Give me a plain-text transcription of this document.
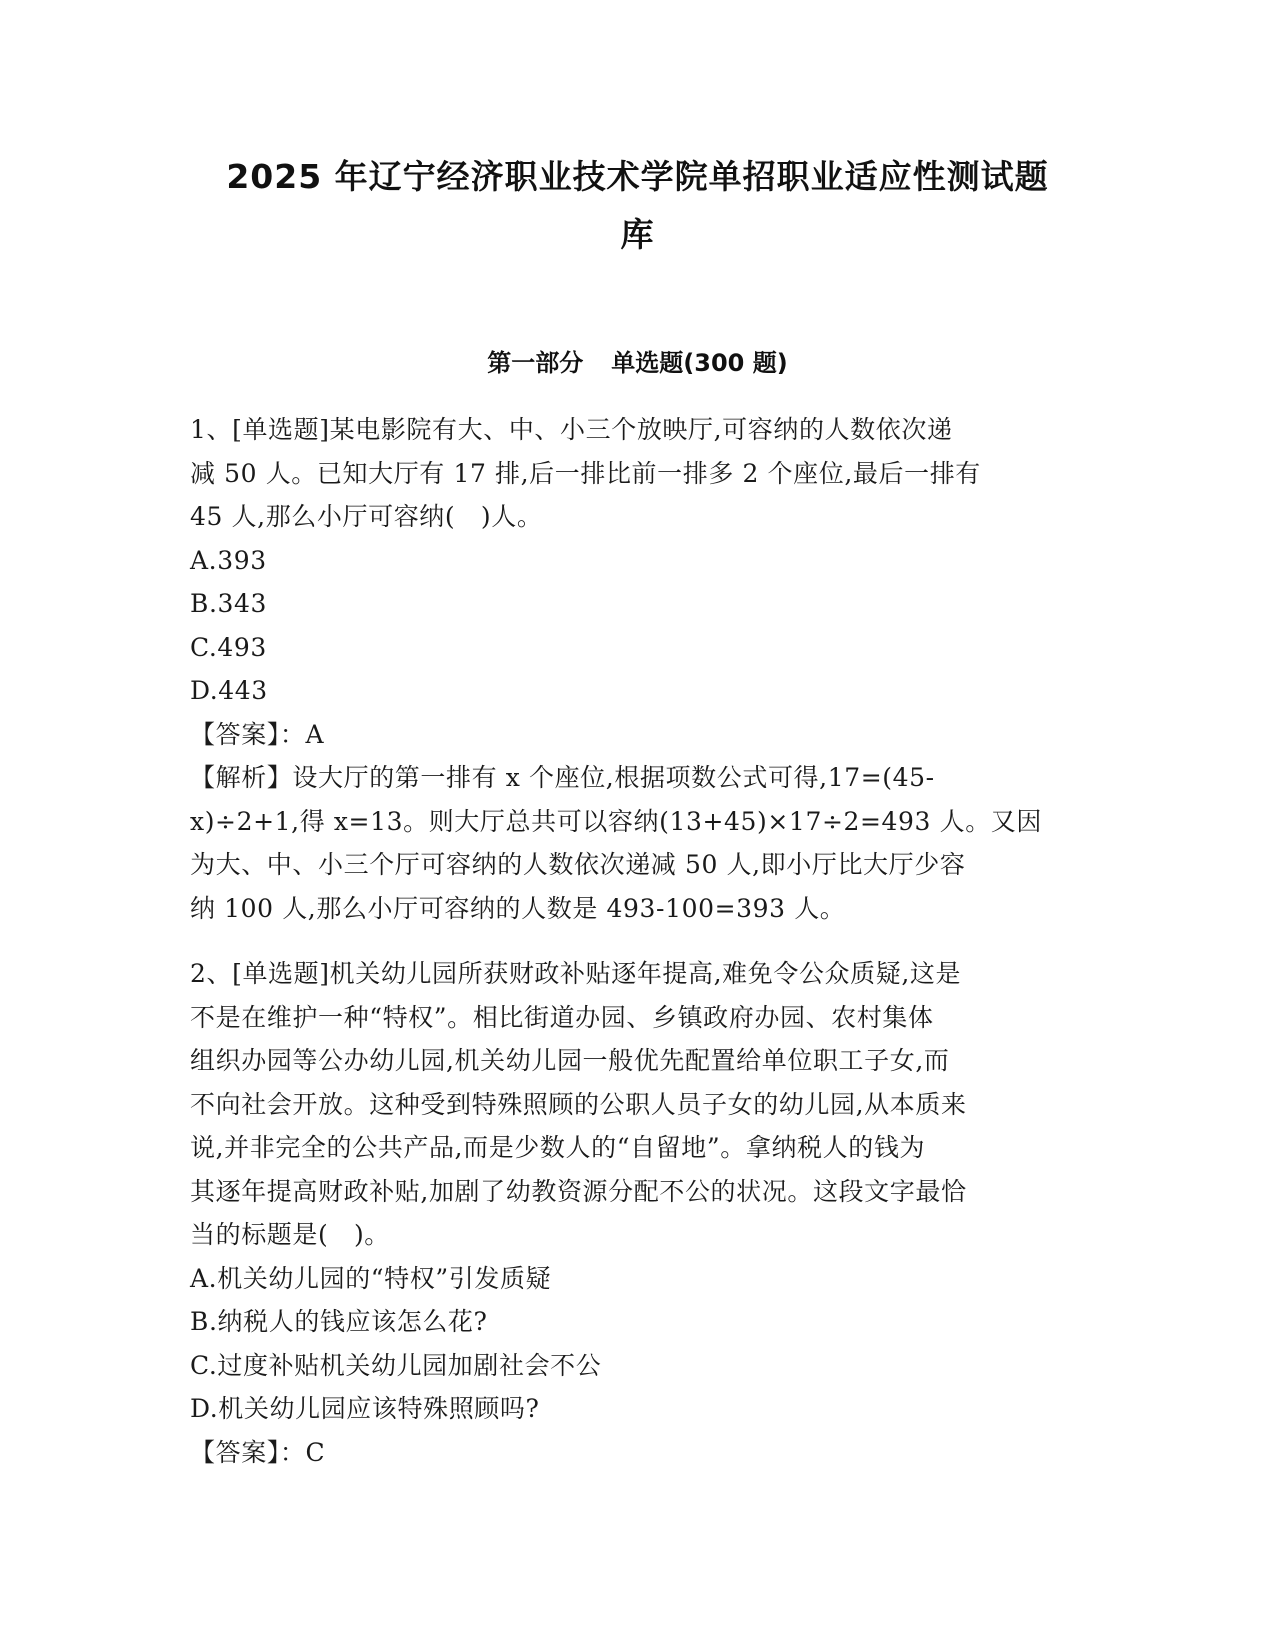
2025 年辽宁经济职业技术学院单招职业适应性测试题
库
第一部分 单选题(300 题)
1、[单选题]某电影院有大、中、小三个放映厅,可容纳的人数依次递
减 50 人。已知大厅有 17 排,后一排比前一排多 2 个座位,最后一排有
45 人,那么小厅可容纳(　)人。
A.393
B.343
C.493
D.443
【答案】：A
【解析】设大厅的第一排有 x 个座位,根据项数公式可得,17=(45-
x)÷2+1,得 x=13。则大厅总共可以容纳(13+45)×17÷2=493 人。又因
为大、中、小三个厅可容纳的人数依次递减 50 人,即小厅比大厅少容
纳 100 人,那么小厅可容纳的人数是 493-100=393 人。
2、[单选题]机关幼儿园所获财政补贴逐年提高,难免令公众质疑,这是
不是在维护一种“特权”。相比街道办园、乡镇政府办园、农村集体
组织办园等公办幼儿园,机关幼儿园一般优先配置给单位职工子女,而
不向社会开放。这种受到特殊照顾的公职人员子女的幼儿园,从本质来
说,并非完全的公共产品,而是少数人的“自留地”。拿纳税人的钱为
其逐年提高财政补贴,加剧了幼教资源分配不公的状况。这段文字最恰
当的标题是(　)。
A.机关幼儿园的“特权”引发质疑
B.纳税人的钱应该怎么花?
C.过度补贴机关幼儿园加剧社会不公
D.机关幼儿园应该特殊照顾吗?
【答案】：C
